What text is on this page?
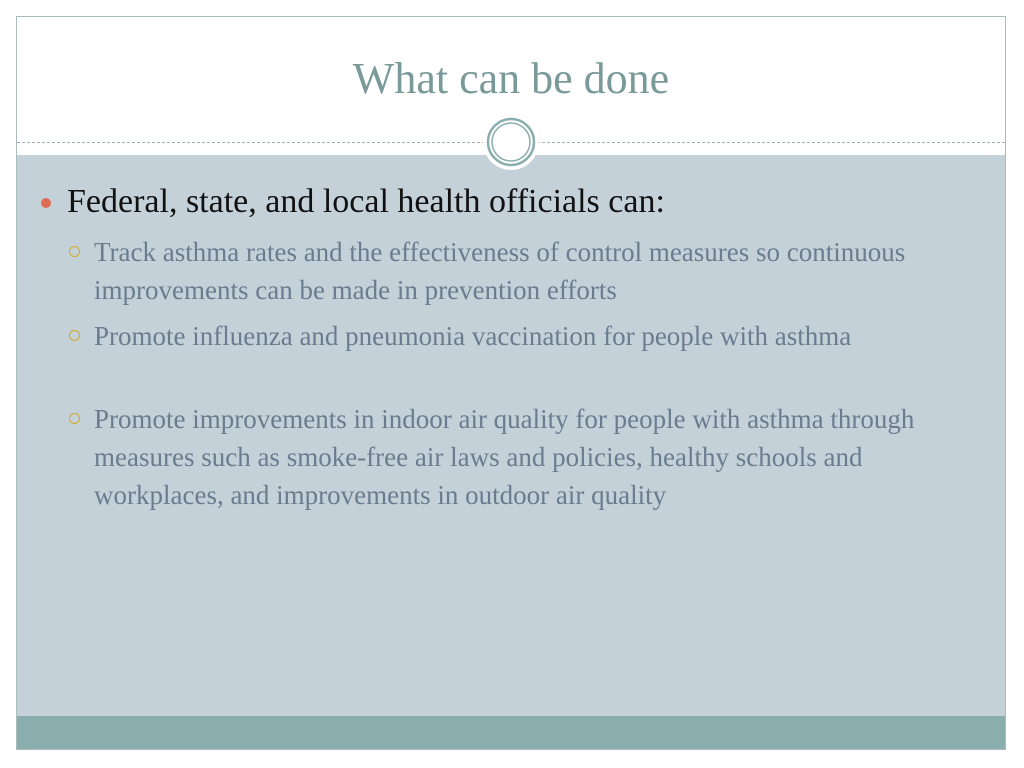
What can be done
Federal, state, and local health officials can:
Track asthma rates and the effectiveness of control measures so continuous improvements can be made in prevention efforts
Promote influenza and pneumonia vaccination for people with asthma
Promote improvements in indoor air quality for people with asthma through measures such as smoke-free air laws and policies, healthy schools and workplaces, and improvements in outdoor air quality
